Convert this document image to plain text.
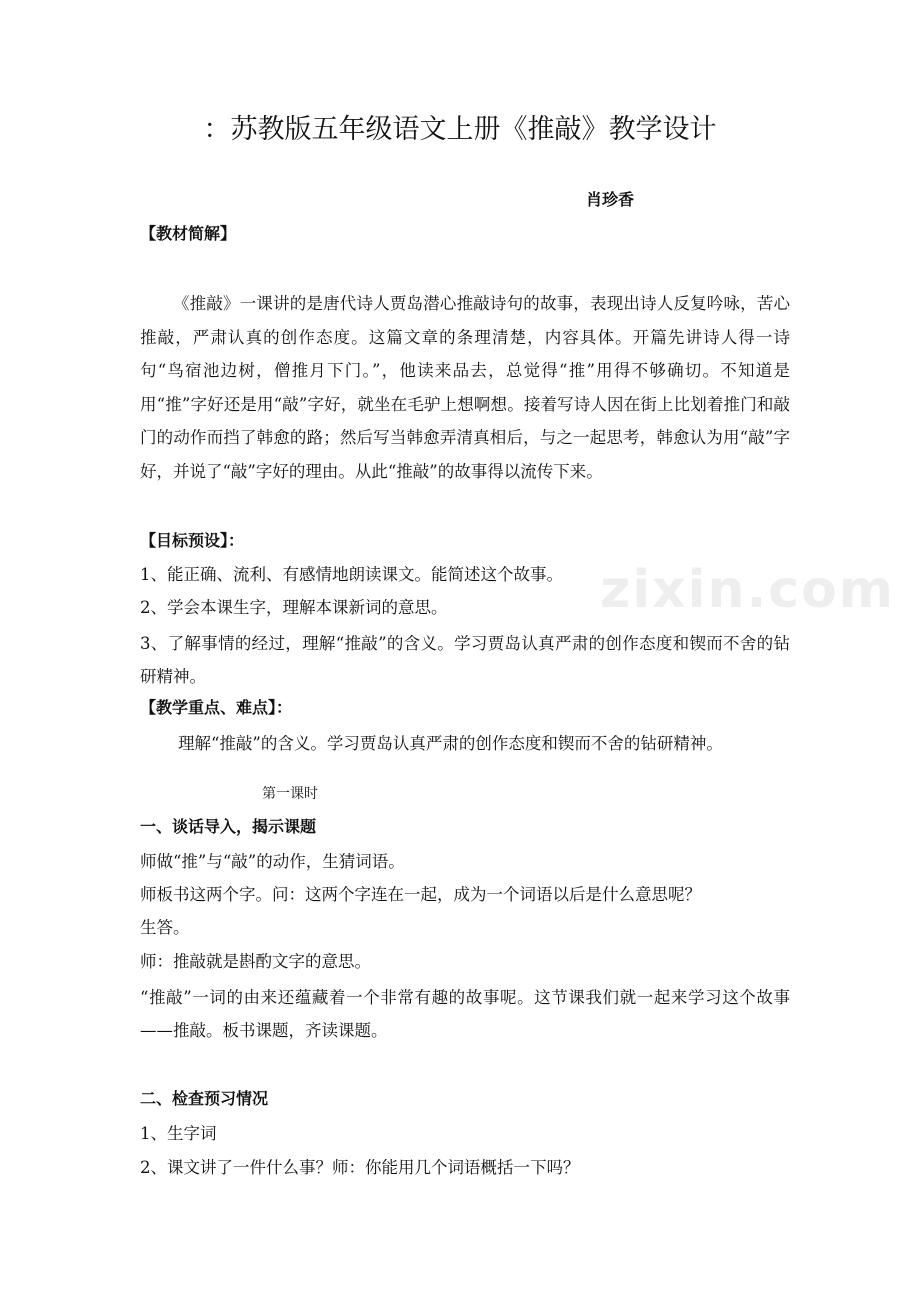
zixin.com
：苏教版五年级语文上册《推敲》教学设计
肖珍香
【教材简解】
《推敲》一课讲的是唐代诗人贾岛潜心推敲诗句的故事，表现出诗人反复吟咏，苦心推敲，严肃认真的创作态度。这篇文章的条理清楚，内容具体。开篇先讲诗人得一诗句“鸟宿池边树，僧推月下门。”，他读来品去，总觉得“推”用得不够确切。不知道是用“推”字好还是用“敲”字好，就坐在毛驴上想啊想。接着写诗人因在街上比划着推门和敲门的动作而挡了韩愈的路；然后写当韩愈弄清真相后，与之一起思考，韩愈认为用“敲”字好，并说了“敲”字好的理由。从此“推敲”的故事得以流传下来。
【目标预设】：
1、能正确、流利、有感情地朗读课文。能简述这个故事。
2、学会本课生字，理解本课新词的意思。
3、了解事情的经过，理解“推敲”的含义。学习贾岛认真严肃的创作态度和锲而不舍的钻研精神。
【教学重点、难点】：
理解“推敲”的含义。学习贾岛认真严肃的创作态度和锲而不舍的钻研精神。
第一课时
一、谈话导入，揭示课题
师做“推”与“敲”的动作，生猜词语。
师板书这两个字。问：这两个字连在一起，成为一个词语以后是什么意思呢？
生答。
师：推敲就是斟酌文字的意思。
“推敲”一词的由来还蕴藏着一个非常有趣的故事呢。这节课我们就一起来学习这个故事——推敲。板书课题，齐读课题。
二、检查预习情况
1、生字词
2、课文讲了一件什么事？师：你能用几个词语概括一下吗？
